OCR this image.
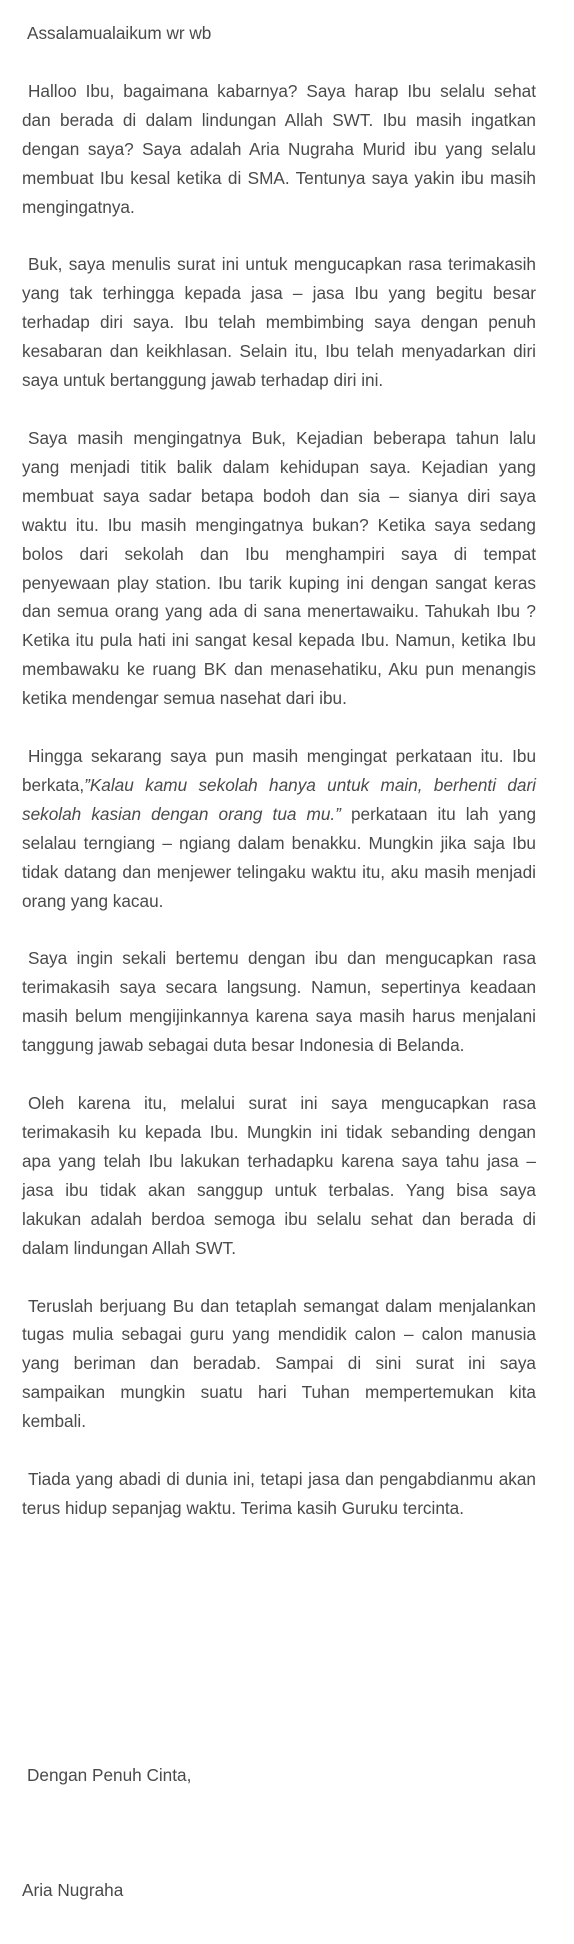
Assalamualaikum wr wb

Halloo Ibu, bagaimana kabarnya? Saya harap Ibu selalu sehat dan berada di dalam lindungan Allah SWT. Ibu masih ingatkan dengan saya? Saya adalah Aria Nugraha Murid ibu yang selalu membuat Ibu kesal ketika di SMA. Tentunya saya yakin ibu masih mengingatnya.

Buk, saya menulis surat ini untuk mengucapkan rasa terimakasih yang tak terhingga kepada jasa – jasa Ibu yang begitu besar terhadap diri saya. Ibu telah membimbing saya dengan penuh kesabaran dan keikhlasan. Selain itu, Ibu telah menyadarkan diri saya untuk bertanggung jawab terhadap diri ini.

Saya masih mengingatnya Buk, Kejadian beberapa tahun lalu yang menjadi titik balik dalam kehidupan saya. Kejadian yang membuat saya sadar betapa bodoh dan sia – sianya diri saya waktu itu. Ibu masih mengingatnya bukan? Ketika saya sedang bolos dari sekolah dan Ibu menghampiri saya di tempat penyewaan play station. Ibu tarik kuping ini dengan sangat keras dan semua orang yang ada di sana menertawaiku. Tahukah Ibu ? Ketika itu pula hati ini sangat kesal kepada Ibu. Namun, ketika Ibu membawaku ke ruang BK dan menasehatiku, Aku pun menangis ketika mendengar semua nasehat dari ibu.

Hingga sekarang saya pun masih mengingat perkataan itu. Ibu berkata,”Kalau kamu sekolah hanya untuk main, berhenti dari sekolah kasian dengan orang tua mu.” perkataan itu lah yang selalau terngiang – ngiang dalam benakku. Mungkin jika saja Ibu tidak datang dan menjewer telingaku waktu itu, aku masih menjadi orang yang kacau.

Saya ingin sekali bertemu dengan ibu dan mengucapkan rasa terimakasih saya secara langsung. Namun, sepertinya keadaan masih belum mengijinkannya karena saya masih harus menjalani tanggung jawab sebagai duta besar Indonesia di Belanda.

Oleh karena itu, melalui surat ini saya mengucapkan rasa terimakasih ku kepada Ibu. Mungkin ini tidak sebanding dengan apa yang telah Ibu lakukan terhadapku karena saya tahu jasa – jasa ibu tidak akan sanggup untuk terbalas. Yang bisa saya lakukan adalah berdoa semoga ibu selalu sehat dan berada di dalam lindungan Allah SWT.

Teruslah berjuang Bu dan tetaplah semangat dalam menjalankan tugas mulia sebagai guru yang mendidik calon – calon manusia yang beriman dan beradab. Sampai di sini surat ini saya sampaikan mungkin suatu hari Tuhan mempertemukan kita kembali.

Tiada yang abadi di dunia ini, tetapi jasa dan pengabdianmu akan terus hidup sepanjag waktu. Terima kasih Guruku tercinta.

Dengan Penuh Cinta,

Aria Nugraha
